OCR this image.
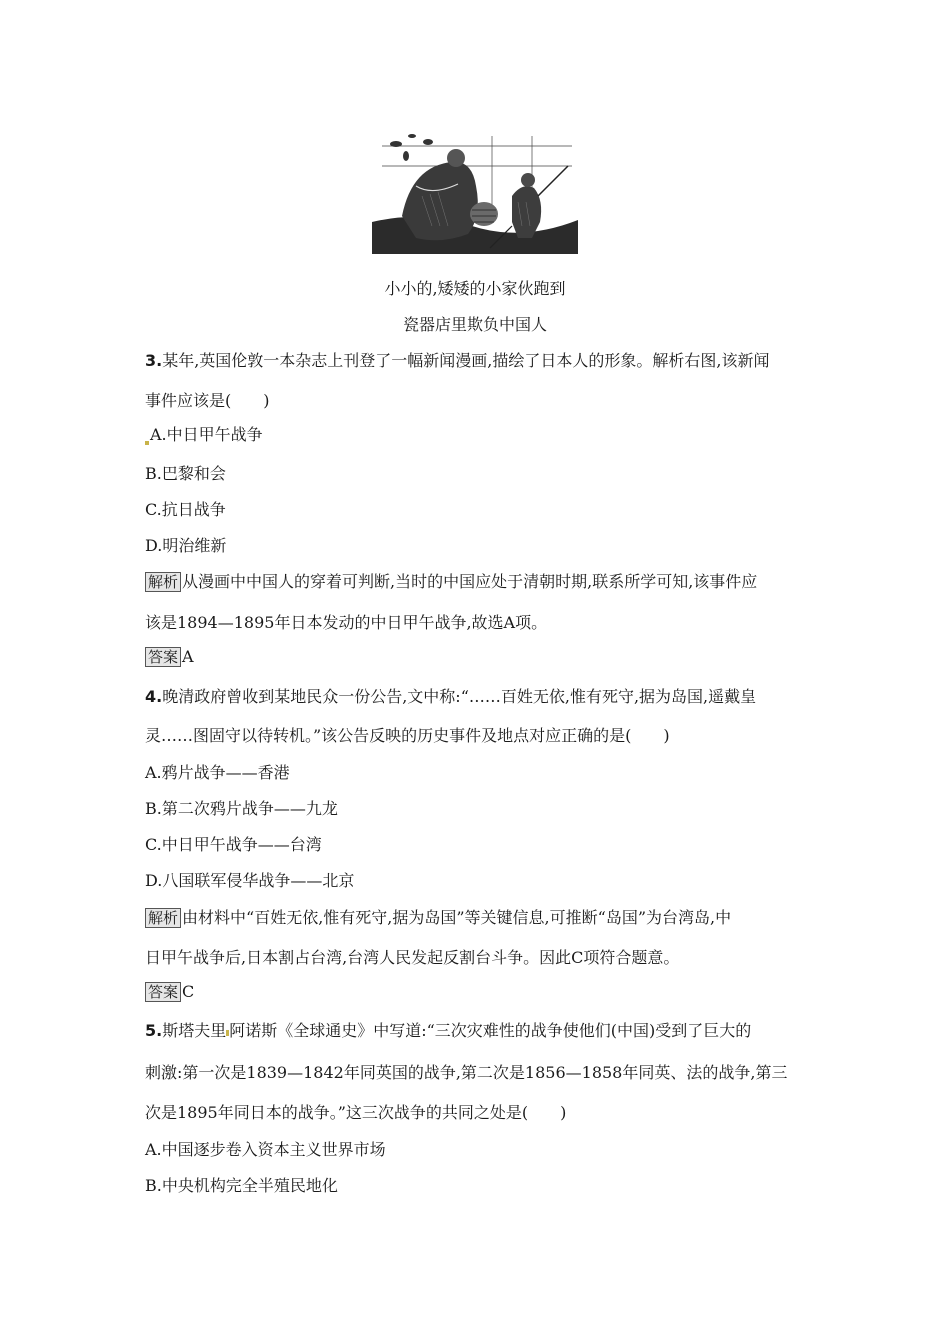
小小的,矮矮的小家伙跑到
瓷器店里欺负中国人
3.某年,英国伦敦一本杂志上刊登了一幅新闻漫画,描绘了日本人的形象。解析右图,该新闻
事件应该是(　　)
A.中日甲午战争
B.巴黎和会
C.抗日战争
D.明治维新
解析 从漫画中中国人的穿着可判断,当时的中国应处于清朝时期,联系所学可知,该事件应
该是1894—1895年日本发动的中日甲午战争,故选A项。
答案 A
4.晚清政府曾收到某地民众一份公告,文中称:“……百姓无依,惟有死守,据为岛国,遥戴皇
灵……图固守以待转机。”该公告反映的历史事件及地点对应正确的是(　　)
A.鸦片战争——香港
B.第二次鸦片战争——九龙
C.中日甲午战争——台湾
D.八国联军侵华战争——北京
解析 由材料中“百姓无依,惟有死守,据为岛国”等关键信息,可推断“岛国”为台湾岛,中
日甲午战争后,日本割占台湾,台湾人民发起反割台斗争。因此C项符合题意。
答案 C
5.斯塔夫里 阿诺斯《全球通史》中写道:“三次灾难性的战争使他们(中国)受到了巨大的
刺激:第一次是1839—1842年同英国的战争,第二次是1856—1858年同英、法的战争,第三
次是1895年同日本的战争。”这三次战争的共同之处是(　　)
A.中国逐步卷入资本主义世界市场
B.中央机构完全半殖民地化
